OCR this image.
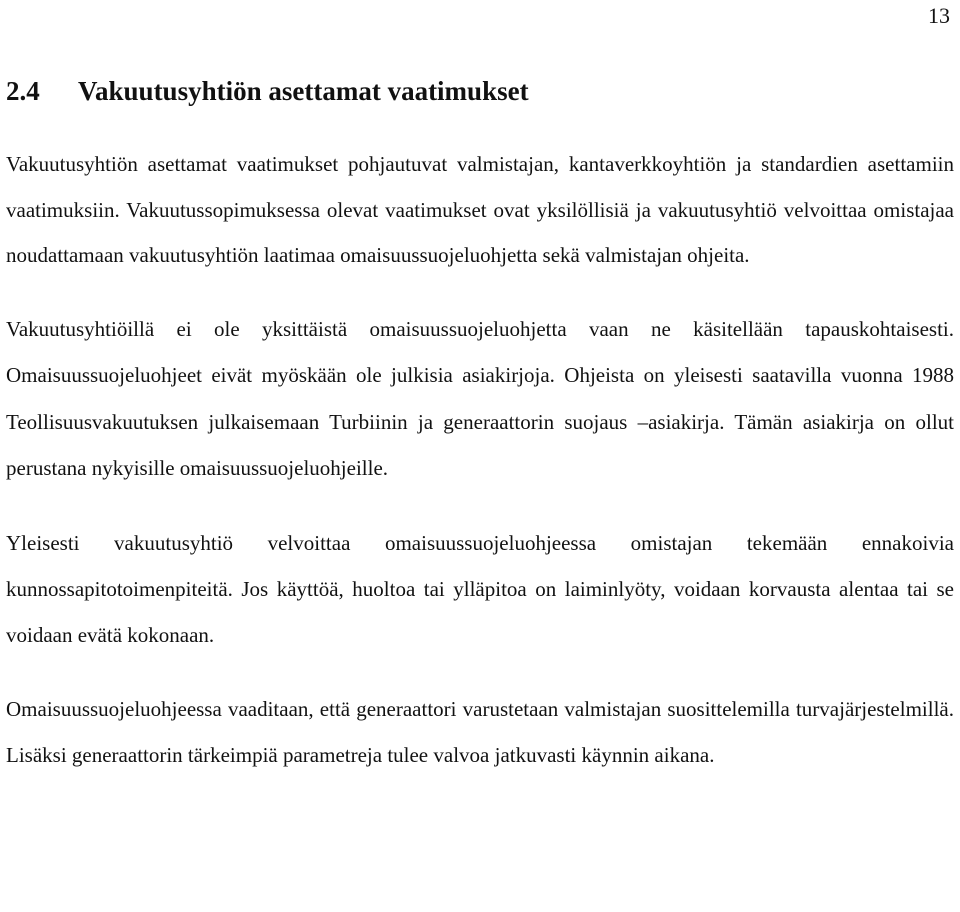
13
2.4	Vakuutusyhtiön asettamat vaatimukset

Vakuutusyhtiön asettamat vaatimukset pohjautuvat valmistajan, kantaverkkoyhtiön ja standardien asettamiin vaatimuksiin. Vakuutussopimuksessa olevat vaatimukset ovat yksilöllisiä ja vakuutusyhtiö velvoittaa omistajaa noudattamaan vakuutusyhtiön laatimaa omaisuussuojeluohjetta sekä valmistajan ohjeita.

Vakuutusyhtiöillä ei ole yksittäistä omaisuussuojeluohjetta vaan ne käsitellään tapauskohtaisesti. Omaisuussuojeluohjeet eivät myöskään ole julkisia asiakirjoja. Ohjeista on yleisesti saatavilla vuonna 1988 Teollisuusvakuutuksen julkaisemaan Turbiinin ja generaattorin suojaus –asiakirja. Tämän asiakirja on ollut perustana nykyisille omaisuussuojeluohjeille.

Yleisesti vakuutusyhtiö velvoittaa omaisuussuojeluohjeessa omistajan tekemään ennakoivia kunnossapitotoimenpiteitä. Jos käyttöä, huoltoa tai ylläpitoa on laiminlyöty, voidaan korvausta alentaa tai se voidaan evätä kokonaan.

Omaisuussuojeluohjeessa vaaditaan, että generaattori varustetaan valmistajan suosittelemilla turvajärjestelmillä. Lisäksi generaattorin tärkeimpiä parametreja tulee valvoa jatkuvasti käynnin aikana.
